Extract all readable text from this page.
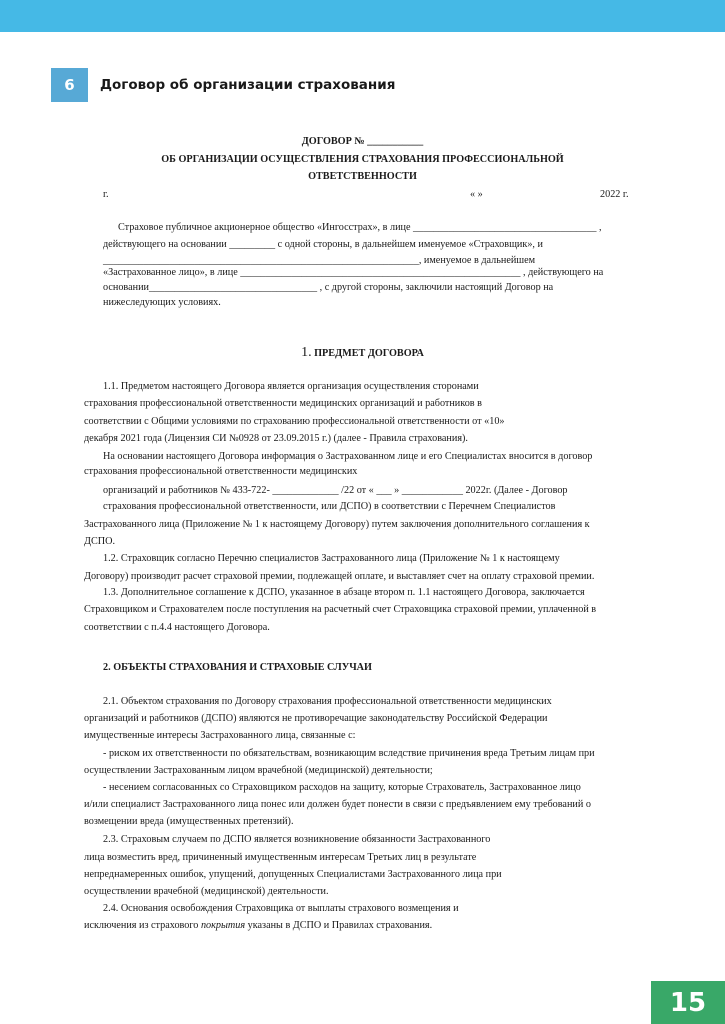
6	Договор об организации страхования
ДОГОВОР № ___________
ОБ ОРГАНИЗАЦИИ ОСУЩЕСТВЛЕНИЯ СТРАХОВАНИЯ ПРОФЕССИОНАЛЬНОЙ
ОТВЕТСТВЕННОСТИ
г.	« »	2022 г.
Страховое публичное акционерное общество «Ингосстрах», в лице ____________________________________ ,
действующего на основании _________ с одной стороны, в дальнейшем именуемое «Страховщик», и
______________________________________________________________, именуемое в дальнейшем
«Застрахованное лицо», в лице _______________________________________________________ , действующего на
основании_________________________________ , с другой стороны, заключили настоящий Договор на
нижеследующих условиях.
1. ПРЕДМЕТ ДОГОВОРА
1.1. Предметом настоящего Договора является организация осуществления сторонами
страхования профессиональной ответственности медицинских организаций и работников в
соответствии с Общими условиями по страхованию профессиональной ответственности от «10»
декабря 2021 года (Лицензия СИ №0928 от 23.09.2015 г.) (далее - Правила страхования).
На основании настоящего Договора информация о Застрахованном лице и его Специалистах вносится в договор
страхования профессиональной ответственности медицинских
организаций и работников № 433-722- _____________ /22 от « ___ » ____________ 2022г. (Далее - Договор
страхования профессиональной ответственности, или ДСПО) в соответствии с Перечнем Специалистов
Застрахованного лица (Приложение № 1 к настоящему Договору) путем заключения дополнительного соглашения к
ДСПО.
1.2. Страховщик согласно Перечню специалистов Застрахованного лица (Приложение № 1 к настоящему
Договору) производит расчет страховой премии, подлежащей оплате, и выставляет счет на оплату страховой премии.
1.3. Дополнительное соглашение к ДСПО, указанное в абзаце втором п. 1.1 настоящего Договора, заключается
Страховщиком и Страхователем после поступления на расчетный счет Страховщика страховой премии, уплаченной в
соответствии с п.4.4 настоящего Договора.
2. ОБЪЕКТЫ СТРАХОВАНИЯ И СТРАХОВЫЕ СЛУЧАИ
2.1. Объектом страхования по Договору страхования профессиональной ответственности медицинских
организаций и работников (ДСПО) являются не противоречащие законодательству Российской Федерации
имущественные интересы Застрахованного лица, связанные с:
- риском их ответственности по обязательствам, возникающим вследствие причинения вреда Третьим лицам при
осуществлении Застрахованным лицом врачебной (медицинской) деятельности;
- несением согласованных со Страховщиком расходов на защиту, которые Страхователь, Застрахованное лицо
и/или специалист Застрахованного лица понес или должен будет понести в связи с предъявлением ему требований о
возмещении вреда (имущественных претензий).
2.3. Страховым случаем по ДСПО является возникновение обязанности Застрахованного
лица возместить вред, причиненный имущественным интересам Третьих лиц в результате
непреднамеренных ошибок, упущений, допущенных Специалистами Застрахованного лица при
осуществлении врачебной (медицинской) деятельности.
2.4. Основания освобождения Страховщика от выплаты страхового возмещения и
исключения из страхового покрытия указаны в ДСПО и Правилах страхования.
15
